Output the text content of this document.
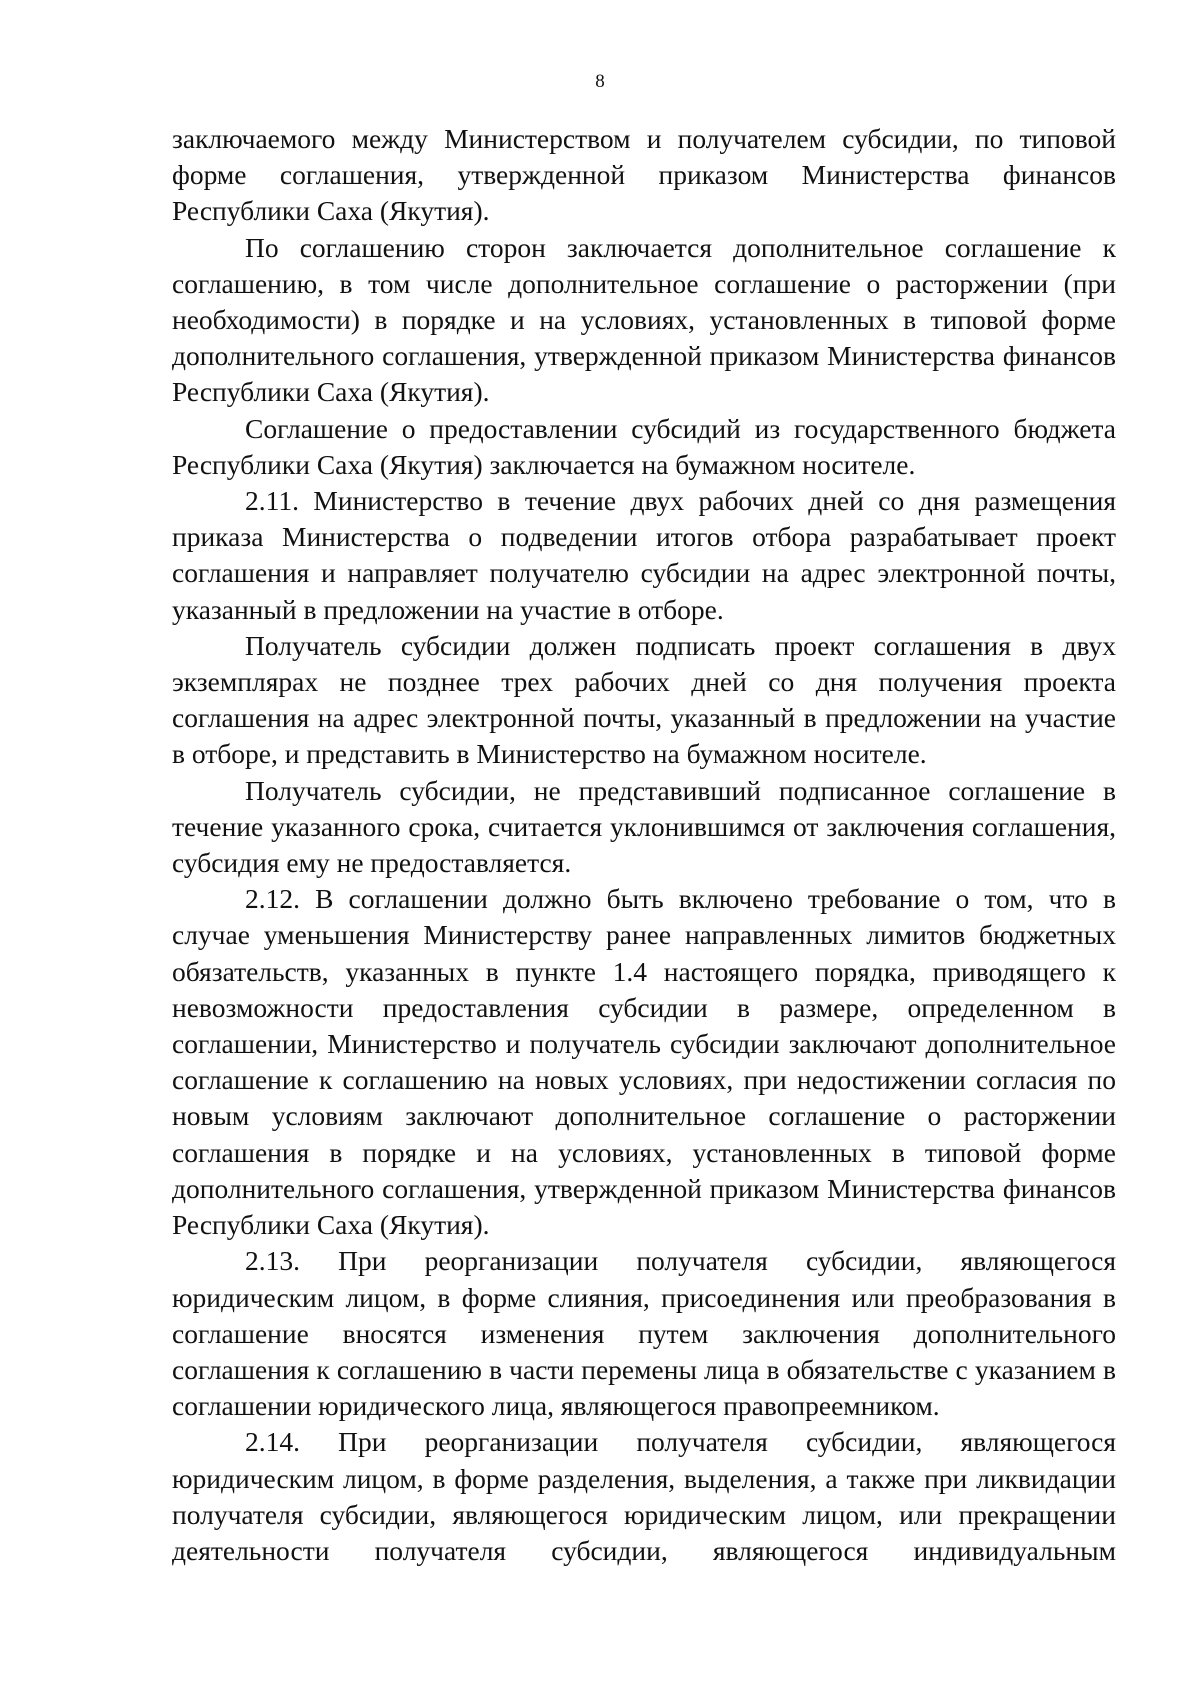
8

заключаемого между Министерством и получателем субсидии, по типовой форме соглашения, утвержденной приказом Министерства финансов Республики Саха (Якутия).

По соглашению сторон заключается дополнительное соглашение к соглашению, в том числе дополнительное соглашение о расторжении (при необходимости) в порядке и на условиях, установленных в типовой форме дополнительного соглашения, утвержденной приказом Министерства финансов Республики Саха (Якутия).

Соглашение о предоставлении субсидий из государственного бюджета Республики Саха (Якутия) заключается на бумажном носителе.

2.11. Министерство в течение двух рабочих дней со дня размещения приказа Министерства о подведении итогов отбора разрабатывает проект соглашения и направляет получателю субсидии на адрес электронной почты, указанный в предложении на участие в отборе.

Получатель субсидии должен подписать проект соглашения в двух экземплярах не позднее трех рабочих дней со дня получения проекта соглашения на адрес электронной почты, указанный в предложении на участие в отборе, и представить в Министерство на бумажном носителе.

Получатель субсидии, не представивший подписанное соглашение в течение указанного срока, считается уклонившимся от заключения соглашения, субсидия ему не предоставляется.

2.12. В соглашении должно быть включено требование о том, что в случае уменьшения Министерству ранее направленных лимитов бюджетных обязательств, указанных в пункте 1.4 настоящего порядка, приводящего к невозможности предоставления субсидии в размере, определенном в соглашении, Министерство и получатель субсидии заключают дополнительное соглашение к соглашению на новых условиях, при недостижении согласия по новым условиям заключают дополнительное соглашение о расторжении соглашения в порядке и на условиях, установленных в типовой форме дополнительного соглашения, утвержденной приказом Министерства финансов Республики Саха (Якутия).

2.13. При реорганизации получателя субсидии, являющегося юридическим лицом, в форме слияния, присоединения или преобразования в соглашение вносятся изменения путем заключения дополнительного соглашения к соглашению в части перемены лица в обязательстве с указанием в соглашении юридического лица, являющегося правопреемником.

2.14. При реорганизации получателя субсидии, являющегося юридическим лицом, в форме разделения, выделения, а также при ликвидации получателя субсидии, являющегося юридическим лицом, или прекращении деятельности получателя субсидии, являющегося индивидуальным
